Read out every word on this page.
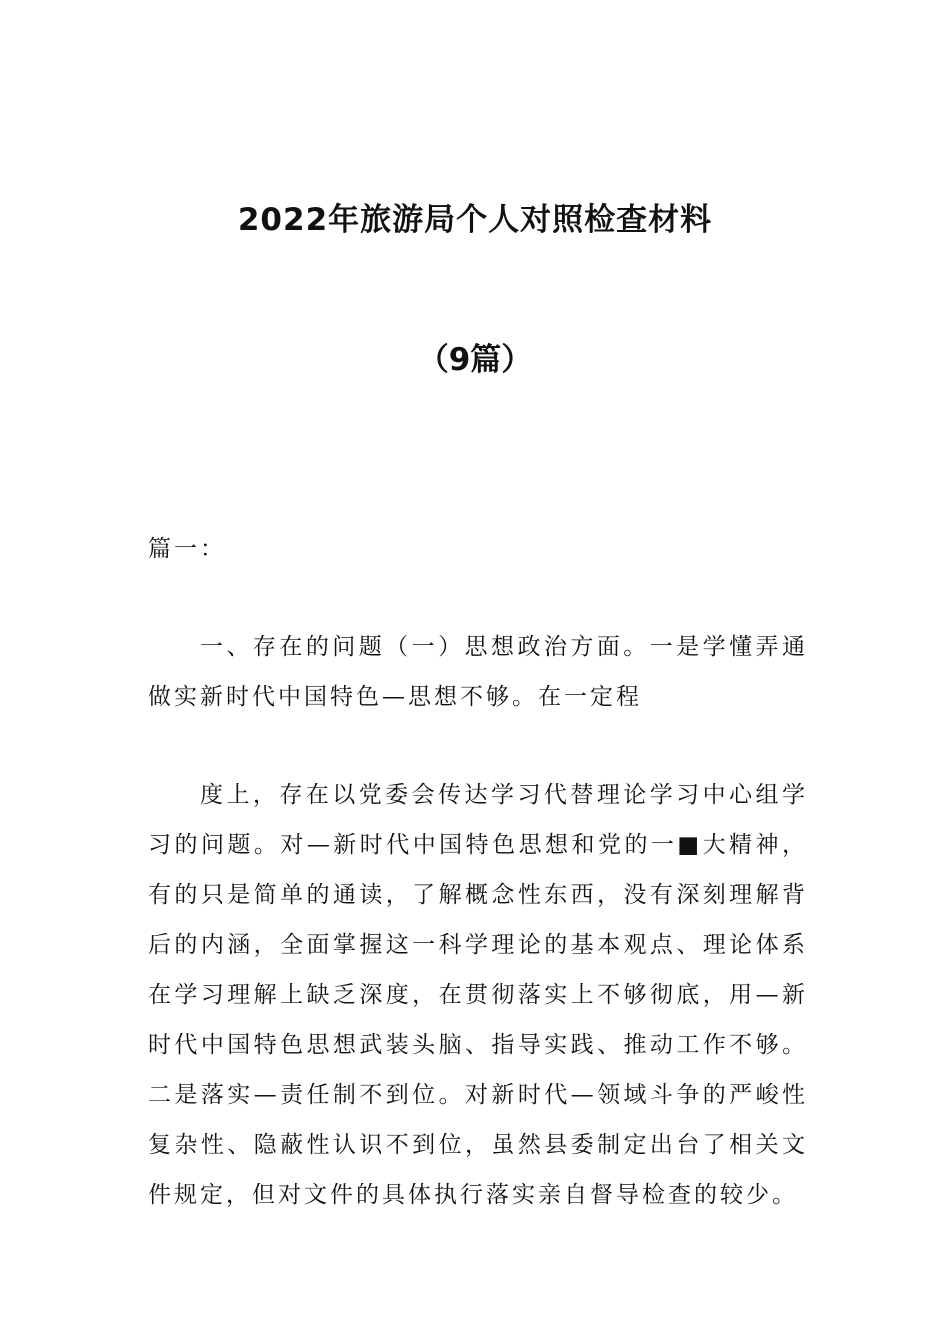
2022年旅游局个人对照检查材料
（9篇）

篇一：

一、存在的问题（一）思想政治方面。一是学懂弄通做实新时代中国特色—思想不够。在一定程

度上，存在以党委会传达学习代替理论学习中心组学习的问题。对—新时代中国特色思想和党的一■大精神，有的只是简单的通读，了解概念性东西，没有深刻理解背后的内涵，全面掌握这一科学理论的基本观点、理论体系在学习理解上缺乏深度，在贯彻落实上不够彻底，用—新时代中国特色思想武装头脑、指导实践、推动工作不够。二是落实—责任制不到位。对新时代—领域斗争的严峻性复杂性、隐蔽性认识不到位，虽然县委制定出台了相关文件规定，但对文件的具体执行落实亲自督导检查的较少。
